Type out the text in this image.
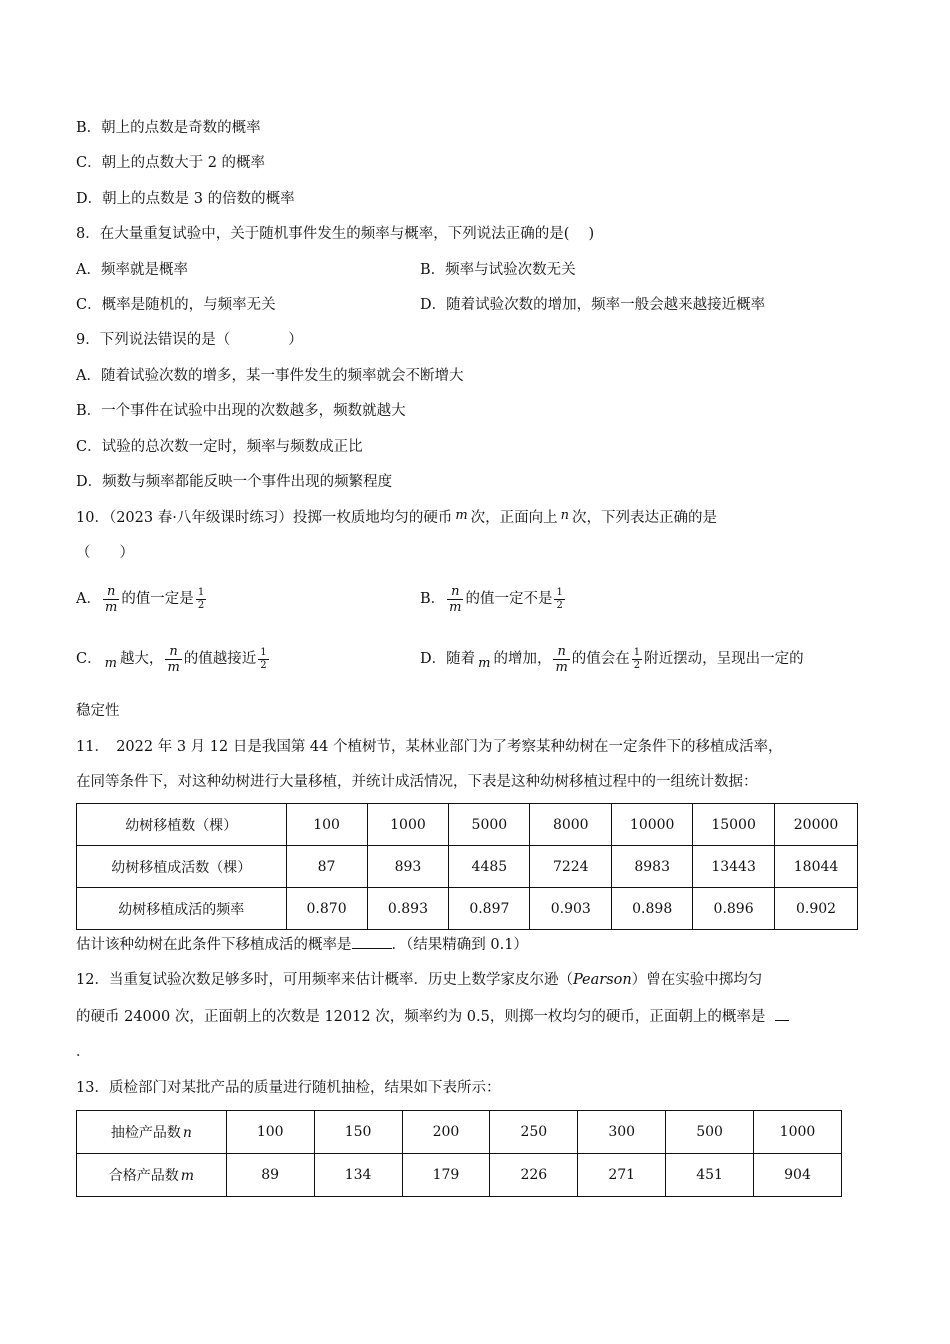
B．朝上的点数是奇数的概率
C．朝上的点数大于 2 的概率
D．朝上的点数是 3 的倍数的概率
8．在大量重复试验中，关于随机事件发生的频率与概率，下列说法正确的是(　 )
A．频率就是概率	B．频率与试验次数无关
C．概率是随机的，与频率无关	D．随着试验次数的增加，频率一般会越来越接近概率
9．下列说法错误的是（　　　　）
A．随着试验次数的增多，某一事件发生的频率就会不断增大
B．一个事件在试验中出现的次数越多，频数就越大
C．试验的总次数一定时，频率与频数成正比
D．频数与频率都能反映一个事件出现的频繁程度
10．（2023 春·八年级课时练习）投掷一枚质地均匀的硬币 m 次，正面向上 n 次，下列表达正确的是
（　　）
A． $\frac{n}{m}$ 的值一定是 $\frac{1}{2}$	B． $\frac{n}{m}$ 的值一定不是 $\frac{1}{2}$
C． m 越大， $\frac{n}{m}$ 的值越接近 $\frac{1}{2}$	D．随着 m 的增加， $\frac{n}{m}$ 的值会在 $\frac{1}{2}$ 附近摆动，呈现出一定的
稳定性
11．　2022 年 3 月 12 日是我国第 44 个植树节，某林业部门为了考察某种幼树在一定条件下的移植成活率，
在同等条件下，对这种幼树进行大量移植，并统计成活情况，下表是这种幼树移植过程中的一组统计数据：
幼树移植数（棵）	100	1000	5000	8000	10000	15000	20000
幼树移植成活数（棵）	87	893	4485	7224	8983	13443	18044
幼树移植成活的频率	0.870	0.893	0.897	0.903	0.898	0.896	0.902
估计该种幼树在此条件下移植成活的概率是	．（结果精确到 0.1）
12．当重复试验次数足够多时，可用频率来估计概率．历史上数学家皮尔逊（Pearson）曾在实验中掷均匀
的硬币 24000 次，正面朝上的次数是 12012 次，频率约为 0.5，则掷一枚均匀的硬币，正面朝上的概率是
．
13．质检部门对某批产品的质量进行随机抽检，结果如下表所示：
抽检产品数 n	100	150	200	250	300	500	1000
合格产品数 m	89	134	179	226	271	451	904
